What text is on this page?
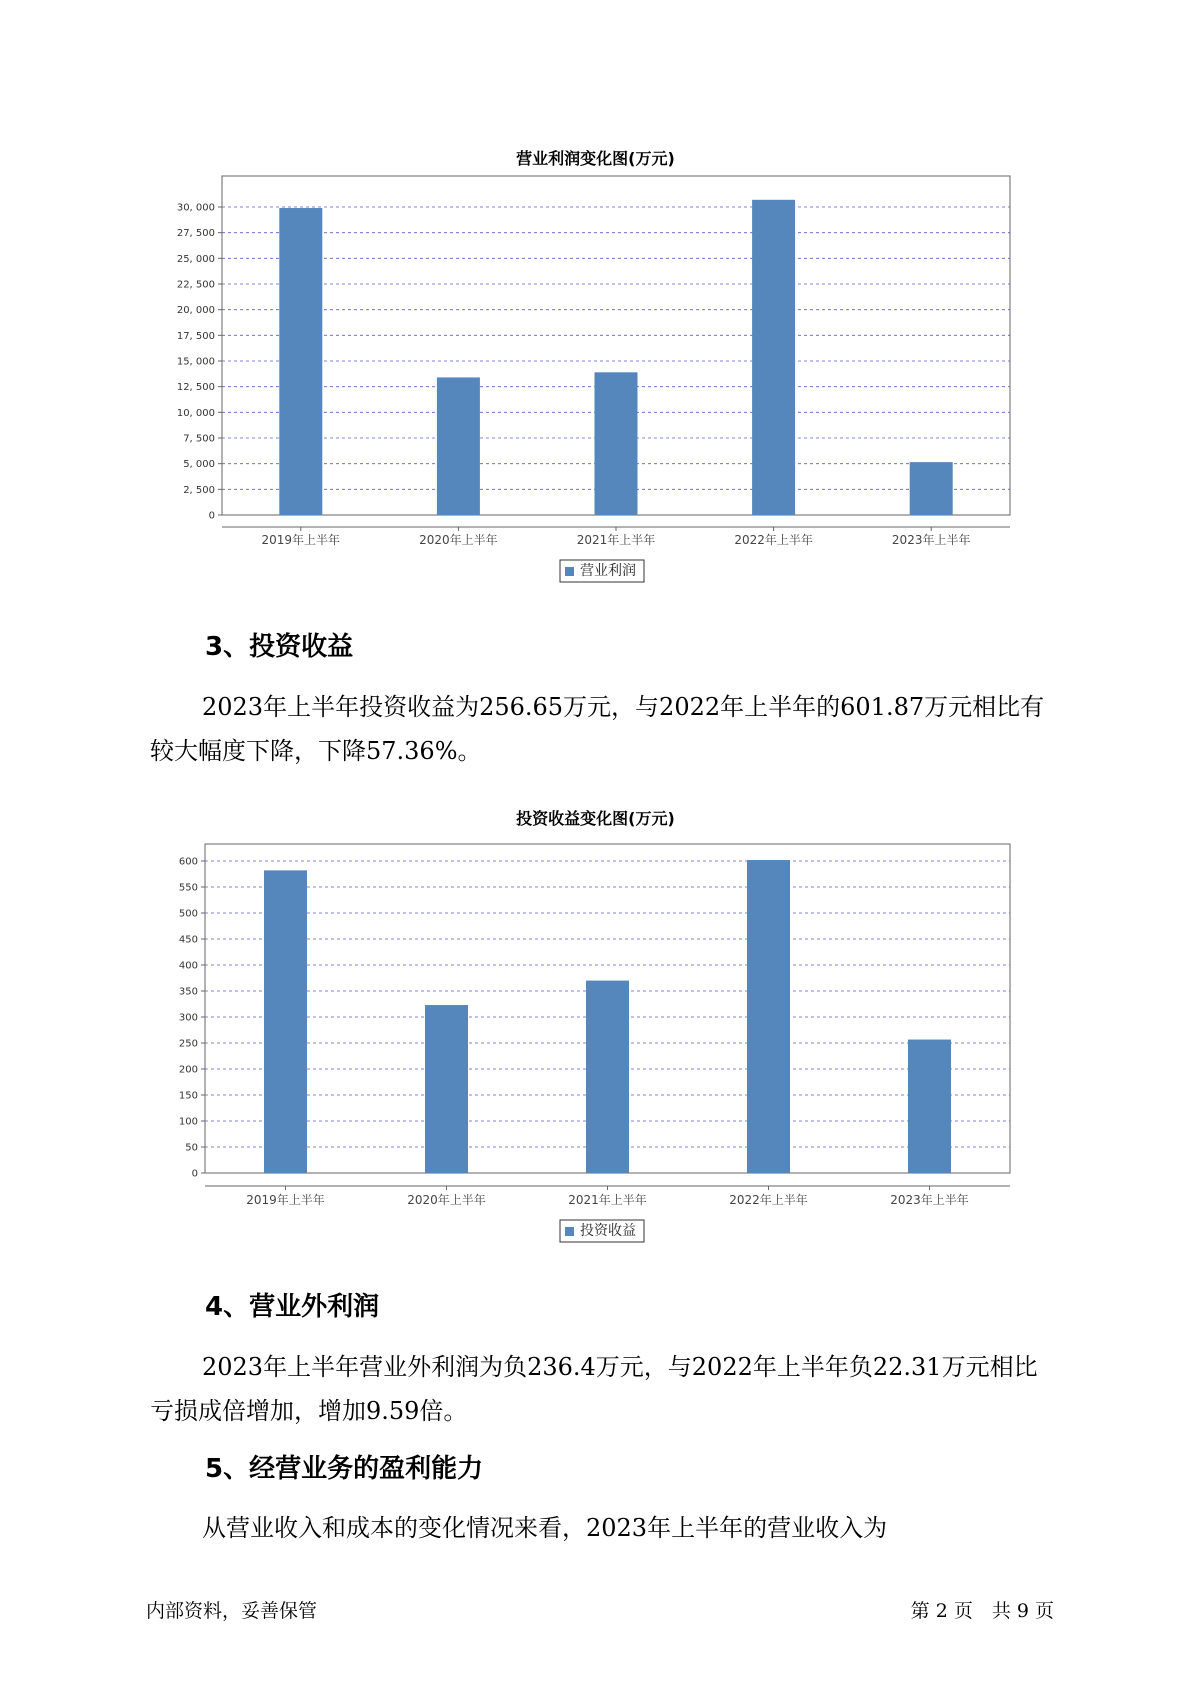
营业利润变化图(万元)
0
2, 500
5, 000
7, 500
10, 000
12, 500
15, 000
17, 500
20, 000
22, 500
25, 000
27, 500
30, 000
2019年上半年	2020年上半年	2021年上半年	2022年上半年	2023年上半年
营业利润
3、投资收益

2023年上半年投资收益为256.65万元，与2022年上半年的601.87万元相比有较大幅度下降，下降57.36%。

投资收益变化图(万元)
0
50
100
150
200
250
300
350
400
450
500
550
600
2019年上半年	2020年上半年	2021年上半年	2022年上半年	2023年上半年
投资收益
4、营业外利润

2023年上半年营业外利润为负236.4万元，与2022年上半年负22.31万元相比亏损成倍增加，增加9.59倍。

5、经营业务的盈利能力

从营业收入和成本的变化情况来看，2023年上半年的营业收入为

内部资料，妥善保管	第 2 页　共 9 页
